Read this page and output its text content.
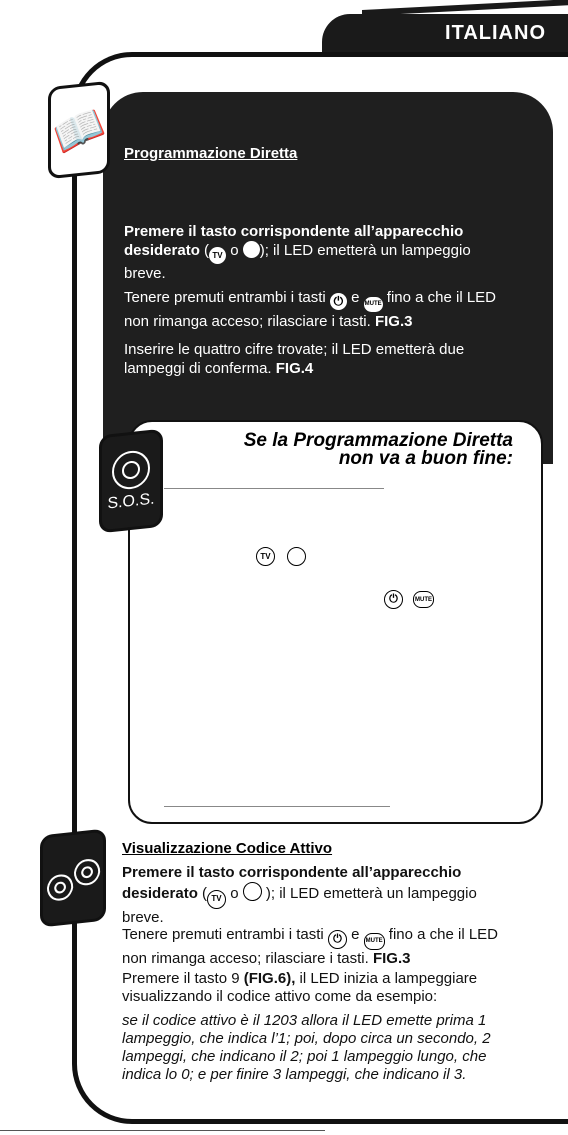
ITALIANO
📖 Programmazione Diretta
Premere il tasto corrispondente all’apparecchio desiderato ( TV o ); il LED emetterà un lampeggio breve.
Tenere premuti entrambi i tasti ⏻ e MUTE fino a che il LED non rimanga acceso; rilasciare i tasti. FIG.3
Inserire le quattro cifre trovate; il LED emetterà due lampeggi di conferma. FIG.4
Se la Programmazione Diretta
non va a buon fine:
TV
⏻	MUTE
S.O.S.
◎◎ Visualizzazione Codice Attivo
Premere il tasto corrispondente all’apparecchio desiderato ( TV o  ); il LED emetterà un lampeggio breve.
Tenere premuti entrambi i tasti ⏻ e MUTE fino a che il LED non rimanga acceso; rilasciare i tasti. FIG.3
Premere il tasto 9 (FIG.6), il LED inizia a lampeggiare visualizzando il codice attivo come da esempio:
se il codice attivo è il 1203 allora il LED emette prima 1 lampeggio, che indica l’1; poi, dopo circa un secondo, 2 lampeggi, che indicano il 2; poi 1 lampeggio lungo, che indica lo 0; e per finire 3 lampeggi, che indicano il 3.
